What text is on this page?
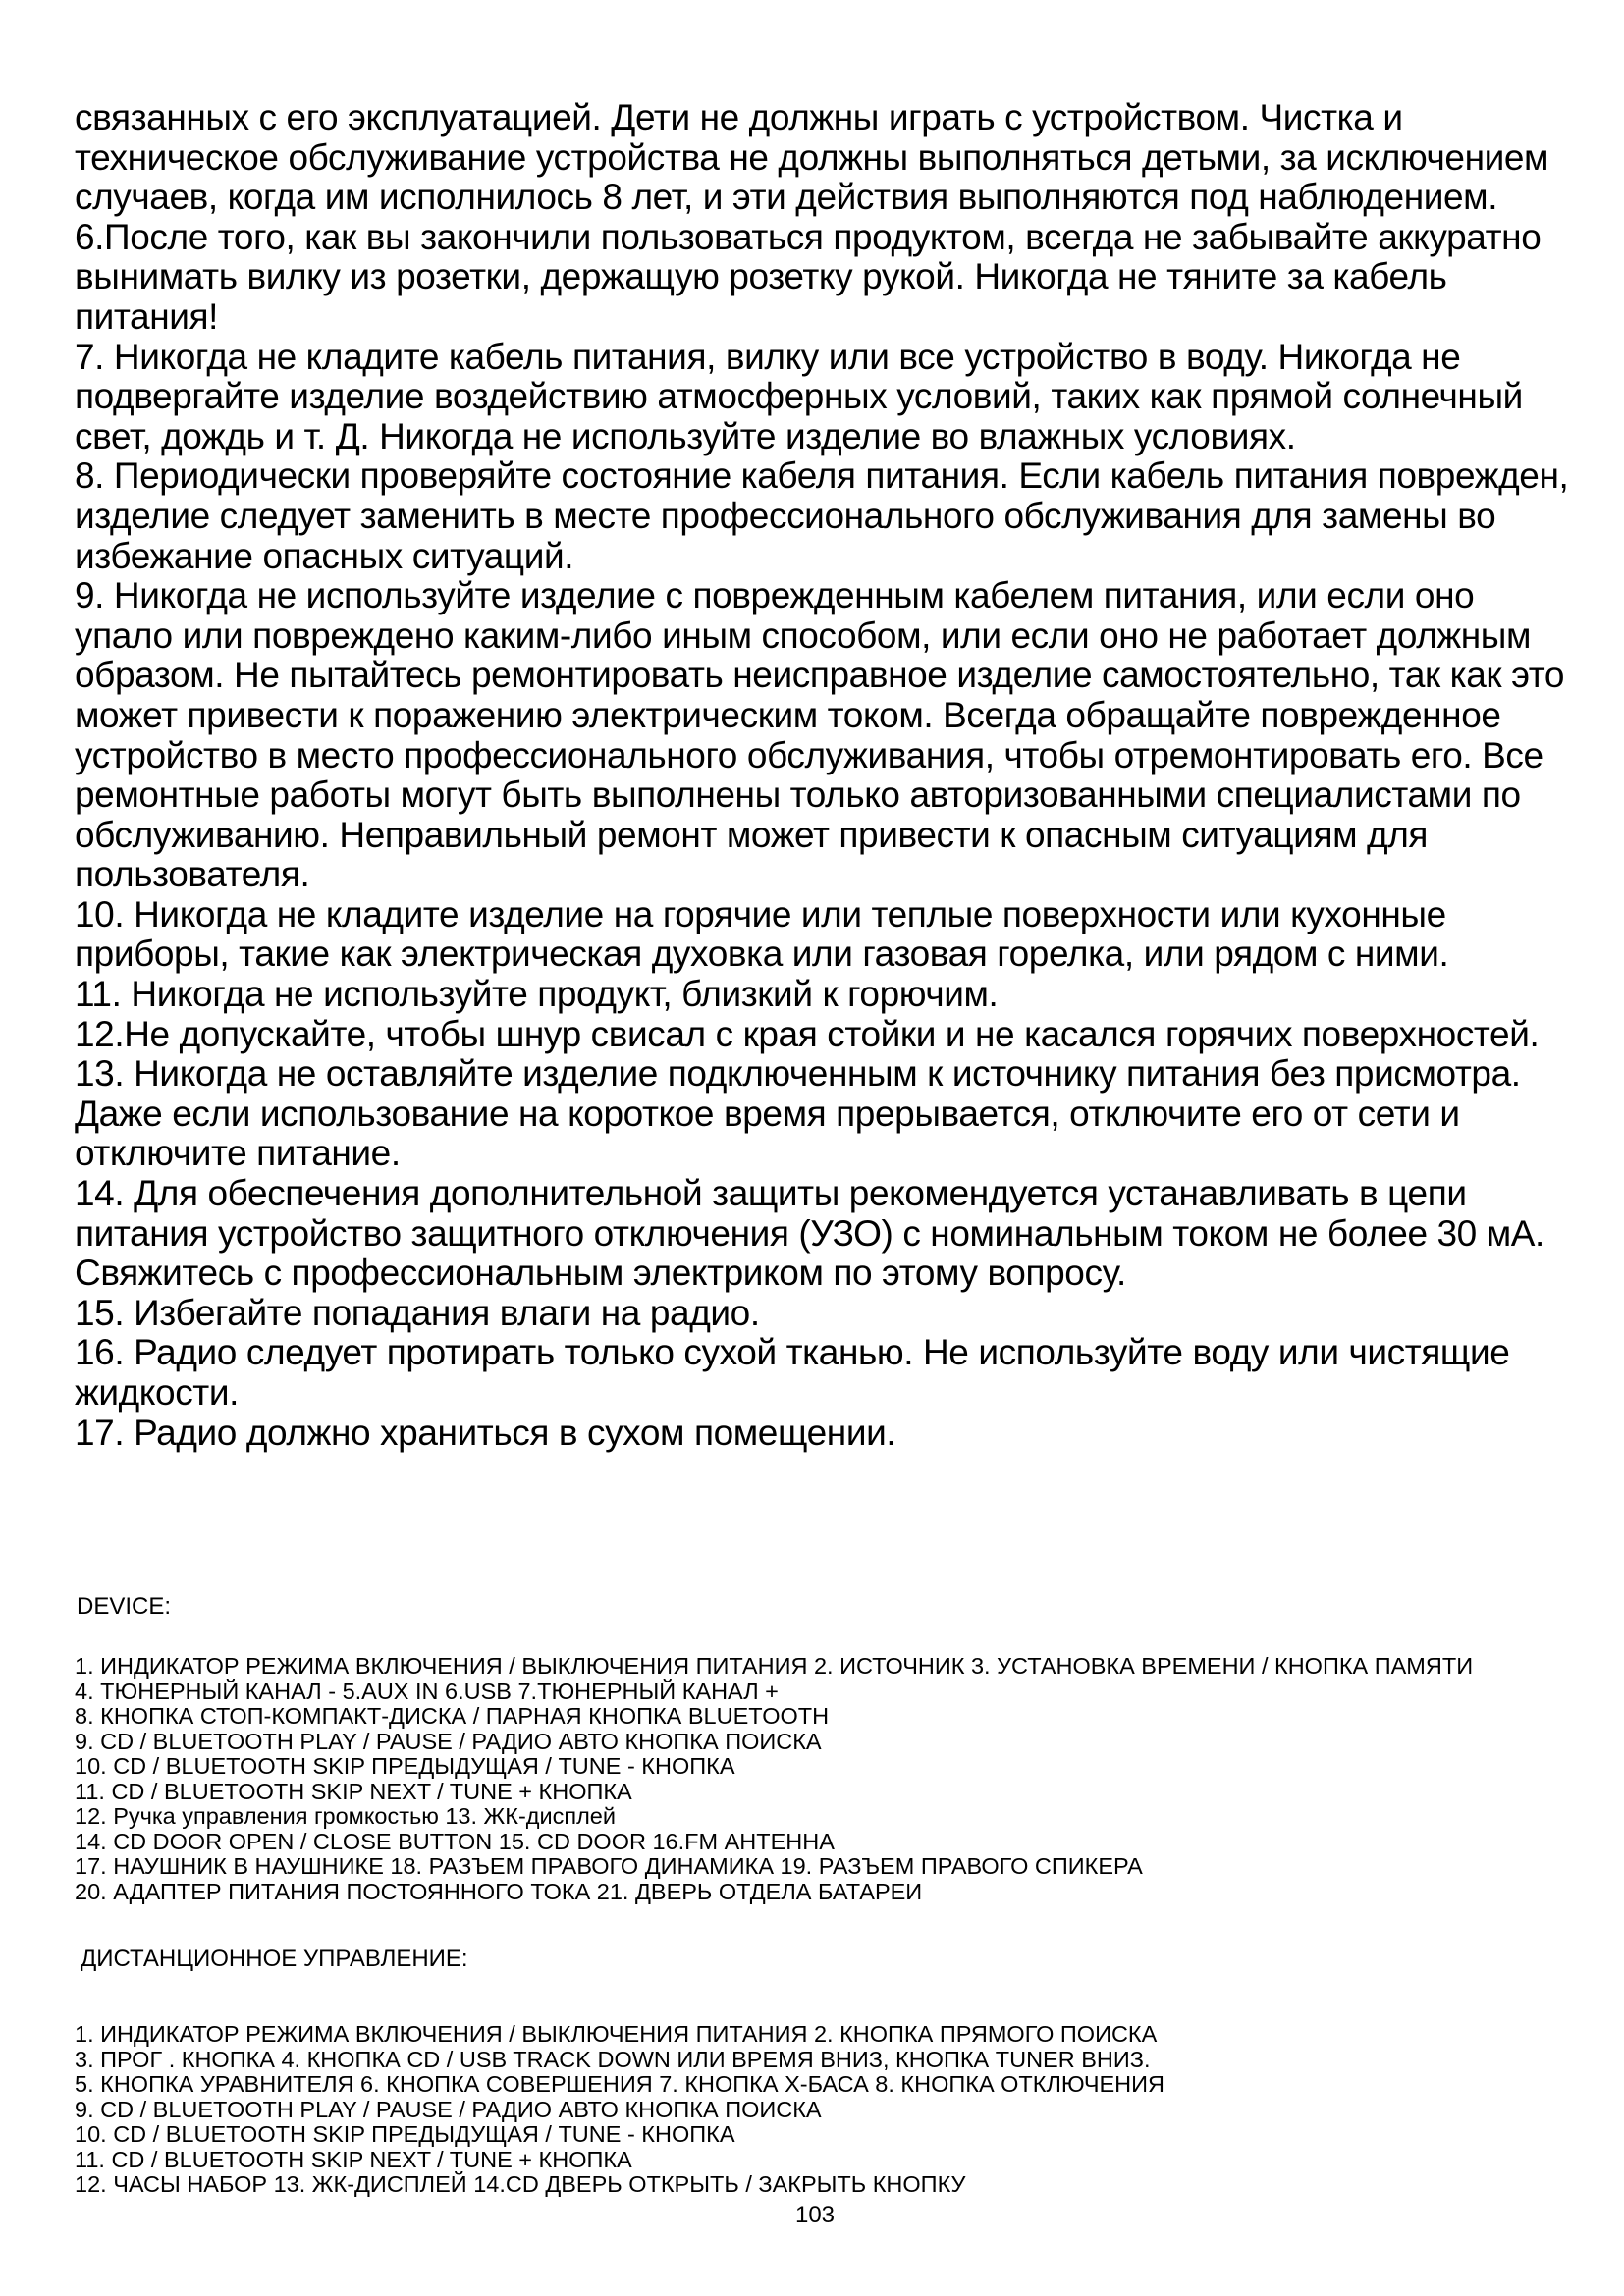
связанных с его эксплуатацией. Дети не должны играть с устройством. Чистка и техническое обслуживание устройства не должны выполняться детьми, за исключением случаев, когда им исполнилось 8 лет, и эти действия выполняются под наблюдением.

6.После того, как вы закончили пользоваться продуктом, всегда не забывайте аккуратно вынимать вилку из розетки, держащую розетку рукой. Никогда не тяните за кабель питания!

7. Никогда не кладите кабель питания, вилку или все устройство в воду. Никогда не подвергайте изделие воздействию атмосферных условий, таких как прямой солнечный свет, дождь и т. Д. Никогда не используйте изделие во влажных условиях.

8. Периодически проверяйте состояние кабеля питания. Если кабель питания поврежден, изделие следует заменить в месте профессионального обслуживания для замены во избежание опасных ситуаций.

9. Никогда не используйте изделие с поврежденным кабелем питания, или если оно упало или повреждено каким-либо иным способом, или если оно не работает должным образом. Не пытайтесь ремонтировать неисправное изделие самостоятельно, так как это может привести к поражению электрическим током. Всегда обращайте поврежденное устройство в место профессионального обслуживания, чтобы отремонтировать его. Все ремонтные работы могут быть выполнены только авторизованными специалистами по обслуживанию. Неправильный ремонт может привести к опасным ситуациям для пользователя.

10. Никогда не кладите изделие на горячие или теплые поверхности или кухонные приборы, такие как электрическая духовка или газовая горелка, или рядом с ними.

11. Никогда не используйте продукт, близкий к горючим.

12.Не допускайте, чтобы шнур свисал с края стойки и не касался горячих поверхностей.

13. Никогда не оставляйте изделие подключенным к источнику питания без присмотра. Даже если использование на короткое время прерывается, отключите его от сети и отключите питание.

14. Для обеспечения дополнительной защиты рекомендуется устанавливать в цепи питания устройство защитного отключения (УЗО) с номинальным током не более 30 мА. Свяжитесь с профессиональным электриком по этому вопросу.

15. Избегайте попадания влаги на радио.

16. Радио следует протирать только сухой тканью. Не используйте воду или чистящие жидкости.

17. Радио должно храниться в сухом помещении.

DEVICE:

1. ИНДИКАТОР РЕЖИМА ВКЛЮЧЕНИЯ / ВЫКЛЮЧЕНИЯ ПИТАНИЯ 2. ИСТОЧНИК 3. УСТАНОВКА ВРЕМЕНИ / КНОПКА ПАМЯТИ

4. ТЮНЕРНЫЙ КАНАЛ - 5.AUX IN 6.USB 7.ТЮНЕРНЫЙ КАНАЛ +

8. КНОПКА СТОП-КОМПАКТ-ДИСКА / ПАРНАЯ КНОПКА BLUETOOTH

9. CD / BLUETOOTH PLAY / PAUSE / РАДИО АВТО КНОПКА ПОИСКА

10. CD / BLUETOOTH SKIP ПРЕДЫДУЩАЯ / TUNE - КНОПКА

11. CD / BLUETOOTH SKIP NEXT / TUNE + КНОПКА

12. Ручка управления громкостью 13. ЖК-дисплей

14. CD DOOR OPEN / CLOSE BUTTON 15. CD DOOR 16.FM АНТЕННА

17. НАУШНИК В НАУШНИКЕ 18. РАЗЪЕМ ПРАВОГО ДИНАМИКА 19. РАЗЪЕМ ПРАВОГО СПИКЕРА

20. АДАПТЕР ПИТАНИЯ ПОСТОЯННОГО ТОКА 21. ДВЕРЬ ОТДЕЛА БАТАРЕИ

ДИСТАНЦИОННОЕ УПРАВЛЕНИЕ:

1. ИНДИКАТОР РЕЖИМА ВКЛЮЧЕНИЯ / ВЫКЛЮЧЕНИЯ ПИТАНИЯ 2. КНОПКА ПРЯМОГО ПОИСКА

3. ПРОГ . КНОПКА 4. КНОПКА CD / USB TRACK DOWN ИЛИ ВРЕМЯ ВНИЗ, КНОПКА TUNER ВНИЗ.

5. КНОПКА УРАВНИТЕЛЯ 6. КНОПКА СОВЕРШЕНИЯ 7. КНОПКА X-БАСА 8. КНОПКА ОТКЛЮЧЕНИЯ

9. CD / BLUETOOTH PLAY / PAUSE / РАДИО АВТО КНОПКА ПОИСКА

10. CD / BLUETOOTH SKIP ПРЕДЫДУЩАЯ / TUNE - КНОПКА

11. CD / BLUETOOTH SKIP NEXT / TUNE + КНОПКА

12. ЧАСЫ НАБОР 13. ЖК-ДИСПЛЕЙ 14.CD ДВЕРЬ ОТКРЫТЬ / ЗАКРЫТЬ КНОПКУ

103
